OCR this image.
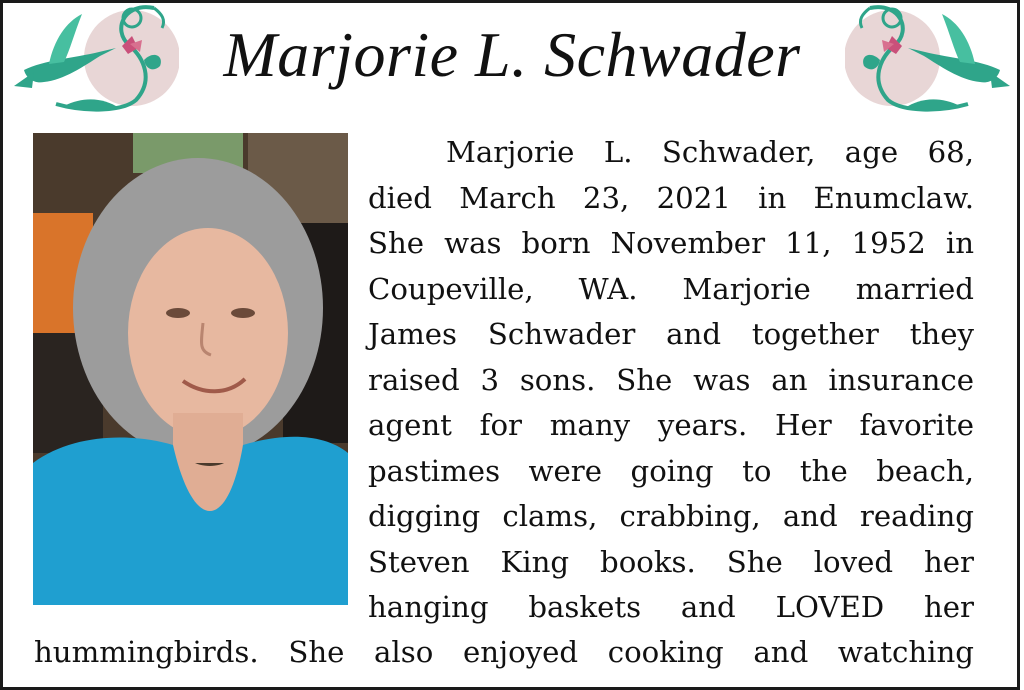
Marjorie L. Schwader
Marjorie L. Schwader, age 68,
died March 23, 2021 in Enumclaw.
She was born November 11, 1952 in
Coupeville, WA. Marjorie married
James Schwader and together they
raised 3 sons. She was an insurance
agent for many years. Her favorite
pastimes were going to the beach,
digging clams, crabbing, and reading
Steven King books. She loved her
hanging baskets and LOVED her
hummingbirds. She also enjoyed cooking and watching
